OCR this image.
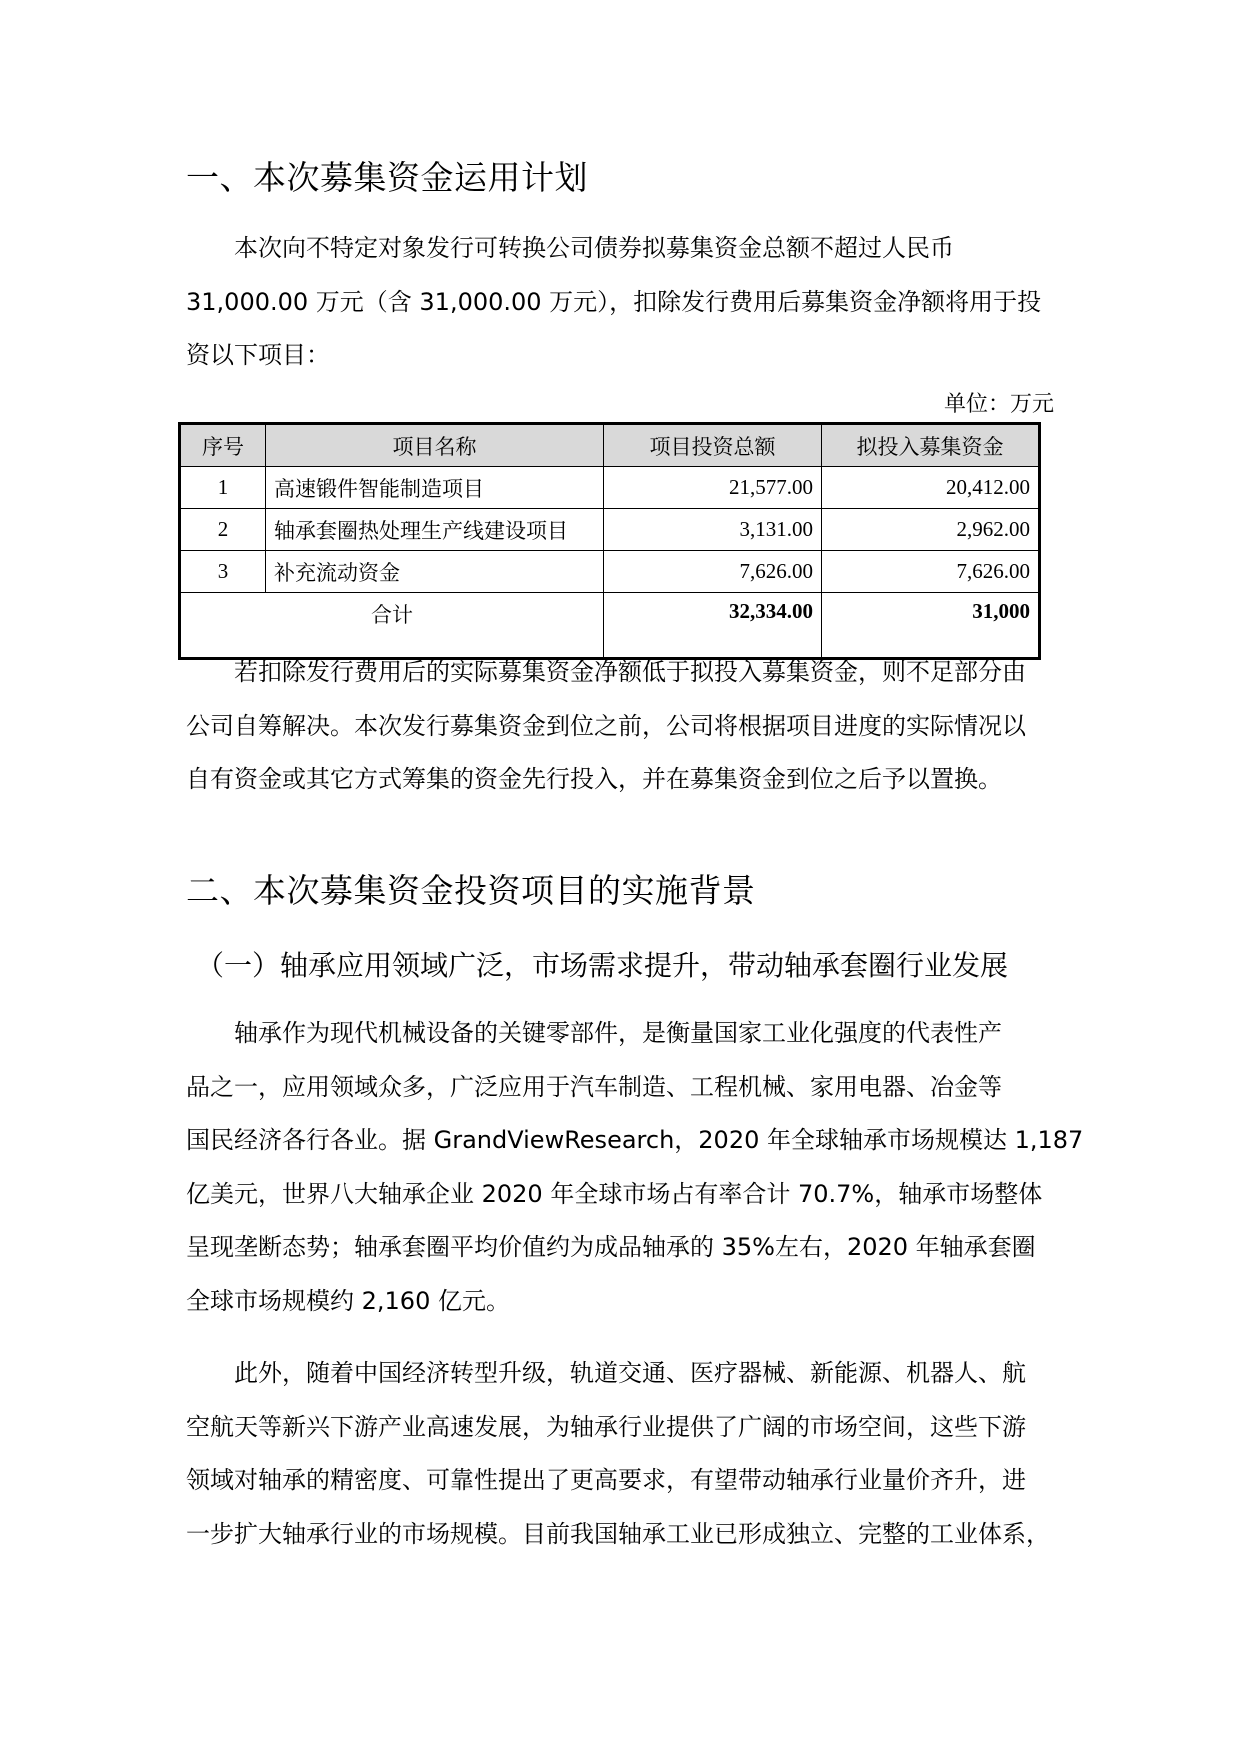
一、本次募集资金运用计划
本次向不特定对象发行可转换公司债券拟募集资金总额不超过人民币
31,000.00 万元（含 31,000.00 万元），扣除发行费用后募集资金净额将用于投
资以下项目：
单位：万元
序号	项目名称	项目投资总额	拟投入募集资金
1	高速锻件智能制造项目	21,577.00	20,412.00
2	轴承套圈热处理生产线建设项目	3,131.00	2,962.00
3	补充流动资金	7,626.00	7,626.00
合计		32,334.00	31,000
若扣除发行费用后的实际募集资金净额低于拟投入募集资金，则不足部分由
公司自筹解决。本次发行募集资金到位之前，公司将根据项目进度的实际情况以
自有资金或其它方式筹集的资金先行投入，并在募集资金到位之后予以置换。
二、本次募集资金投资项目的实施背景
（一）轴承应用领域广泛，市场需求提升，带动轴承套圈行业发展
轴承作为现代机械设备的关键零部件，是衡量国家工业化强度的代表性产
品之一，应用领域众多，广泛应用于汽车制造、工程机械、家用电器、冶金等
国民经济各行各业。据 GrandViewResearch，2020 年全球轴承市场规模达 1,187
亿美元，世界八大轴承企业 2020 年全球市场占有率合计 70.7%，轴承市场整体
呈现垄断态势；轴承套圈平均价值约为成品轴承的 35%左右，2020 年轴承套圈
全球市场规模约 2,160 亿元。
此外，随着中国经济转型升级，轨道交通、医疗器械、新能源、机器人、航
空航天等新兴下游产业高速发展，为轴承行业提供了广阔的市场空间，这些下游
领域对轴承的精密度、可靠性提出了更高要求，有望带动轴承行业量价齐升，进
一步扩大轴承行业的市场规模。目前我国轴承工业已形成独立、完整的工业体系，
